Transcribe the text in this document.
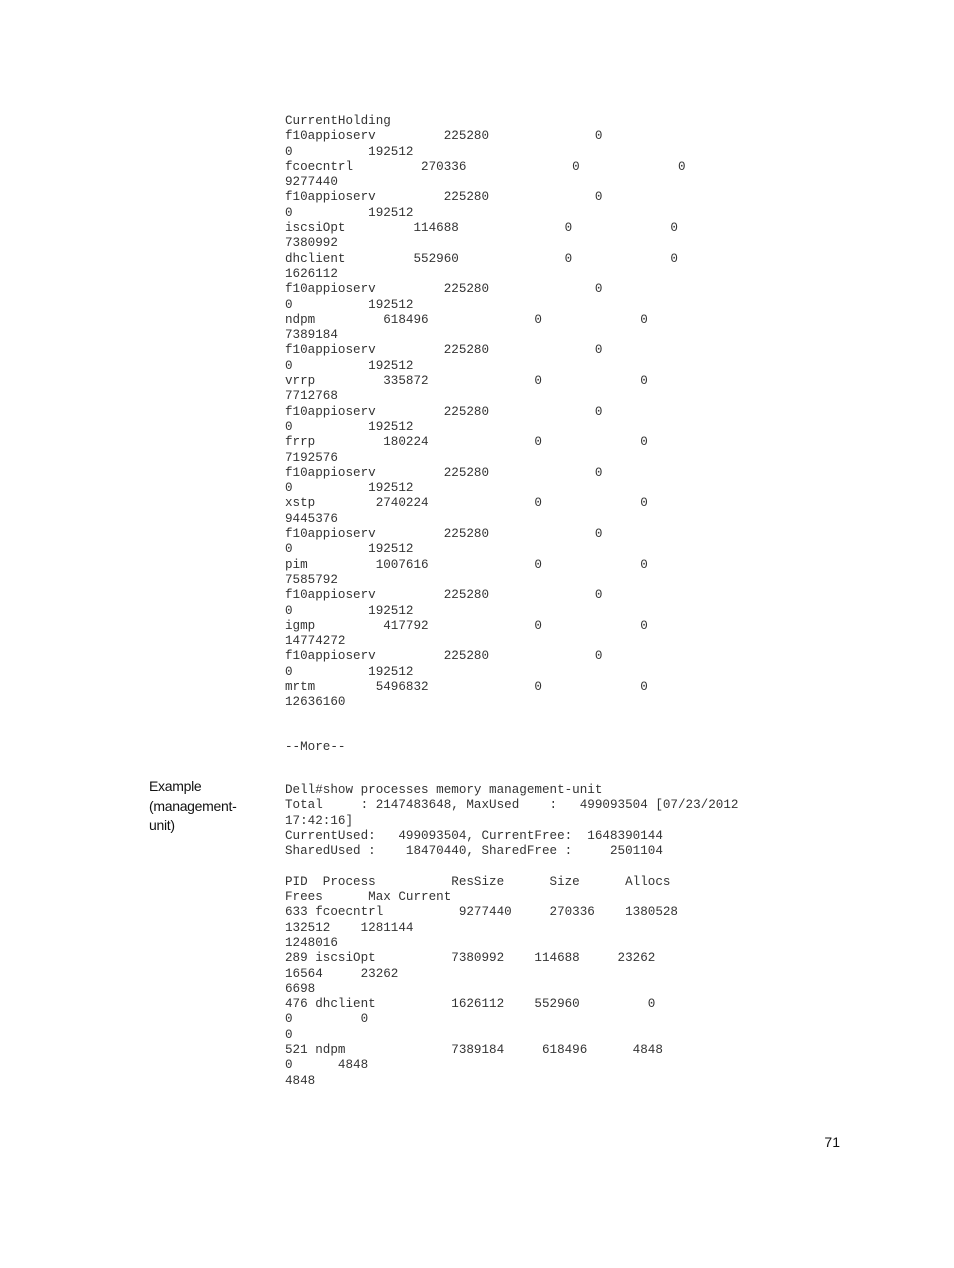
CurrentHolding
f10appioserv         225280              0
0          192512
fcoecntrl         270336              0             0
9277440
f10appioserv         225280              0
0          192512
iscsiOpt         114688              0             0
7380992
dhclient         552960              0             0
1626112
f10appioserv         225280              0
0          192512
ndpm         618496              0             0
7389184
f10appioserv         225280              0
0          192512
vrrp         335872              0             0
7712768
f10appioserv         225280              0
0          192512
frrp         180224              0             0
7192576
f10appioserv         225280              0
0          192512
xstp        2740224              0             0
9445376
f10appioserv         225280              0
0          192512
pim         1007616              0             0
7585792
f10appioserv         225280              0
0          192512
igmp         417792              0             0
14774272
f10appioserv         225280              0
0          192512
mrtm        5496832              0             0
12636160
--More--
Example
(management-
unit)
Dell#show processes memory management-unit
Total     : 2147483648, MaxUsed    :   499093504 [07/23/2012
17:42:16]
CurrentUsed:   499093504, CurrentFree:  1648390144
SharedUsed :    18470440, SharedFree :     2501104

PID  Process          ResSize      Size      Allocs
Frees      Max Current
633 fcoecntrl          9277440     270336    1380528
132512    1281144
1248016
289 iscsiOpt          7380992    114688     23262
16564     23262
6698
476 dhclient          1626112    552960         0
0         0
0
521 ndpm              7389184     618496      4848
0      4848
4848
71
